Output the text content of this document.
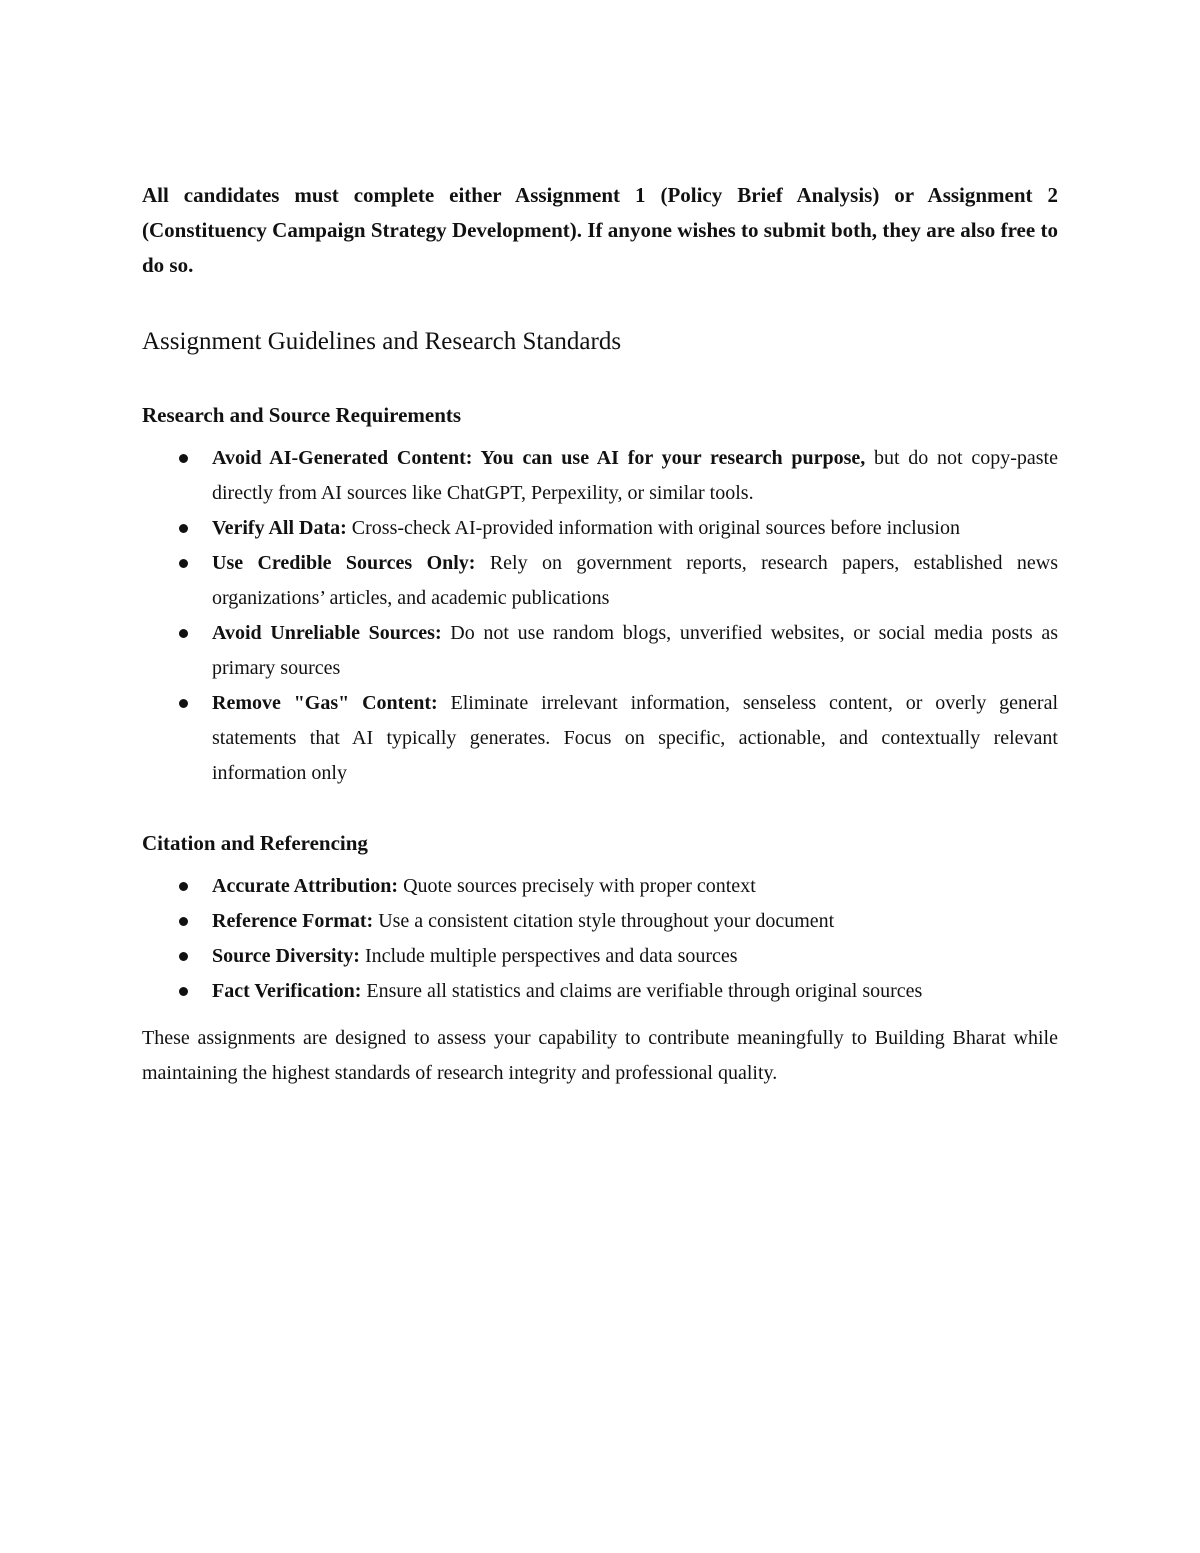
All candidates must complete either Assignment 1 (Policy Brief Analysis) or Assignment 2 (Constituency Campaign Strategy Development). If anyone wishes to submit both, they are also free to do so.

Assignment Guidelines and Research Standards
Research and Source Requirements
Avoid AI-Generated Content: You can use AI for your research purpose, but do not copy-paste directly from AI sources like ChatGPT, Perpexility, or similar tools.
Verify All Data: Cross-check AI-provided information with original sources before inclusion
Use Credible Sources Only: Rely on government reports, research papers, established news organizations’ articles, and academic publications
Avoid Unreliable Sources: Do not use random blogs, unverified websites, or social media posts as primary sources
Remove "Gas" Content: Eliminate irrelevant information, senseless content, or overly general statements that AI typically generates. Focus on specific, actionable, and contextually relevant information only
Citation and Referencing
Accurate Attribution: Quote sources precisely with proper context
Reference Format: Use a consistent citation style throughout your document
Source Diversity: Include multiple perspectives and data sources
Fact Verification: Ensure all statistics and claims are verifiable through original sources

These assignments are designed to assess your capability to contribute meaningfully to Building Bharat while maintaining the highest standards of research integrity and professional quality.
